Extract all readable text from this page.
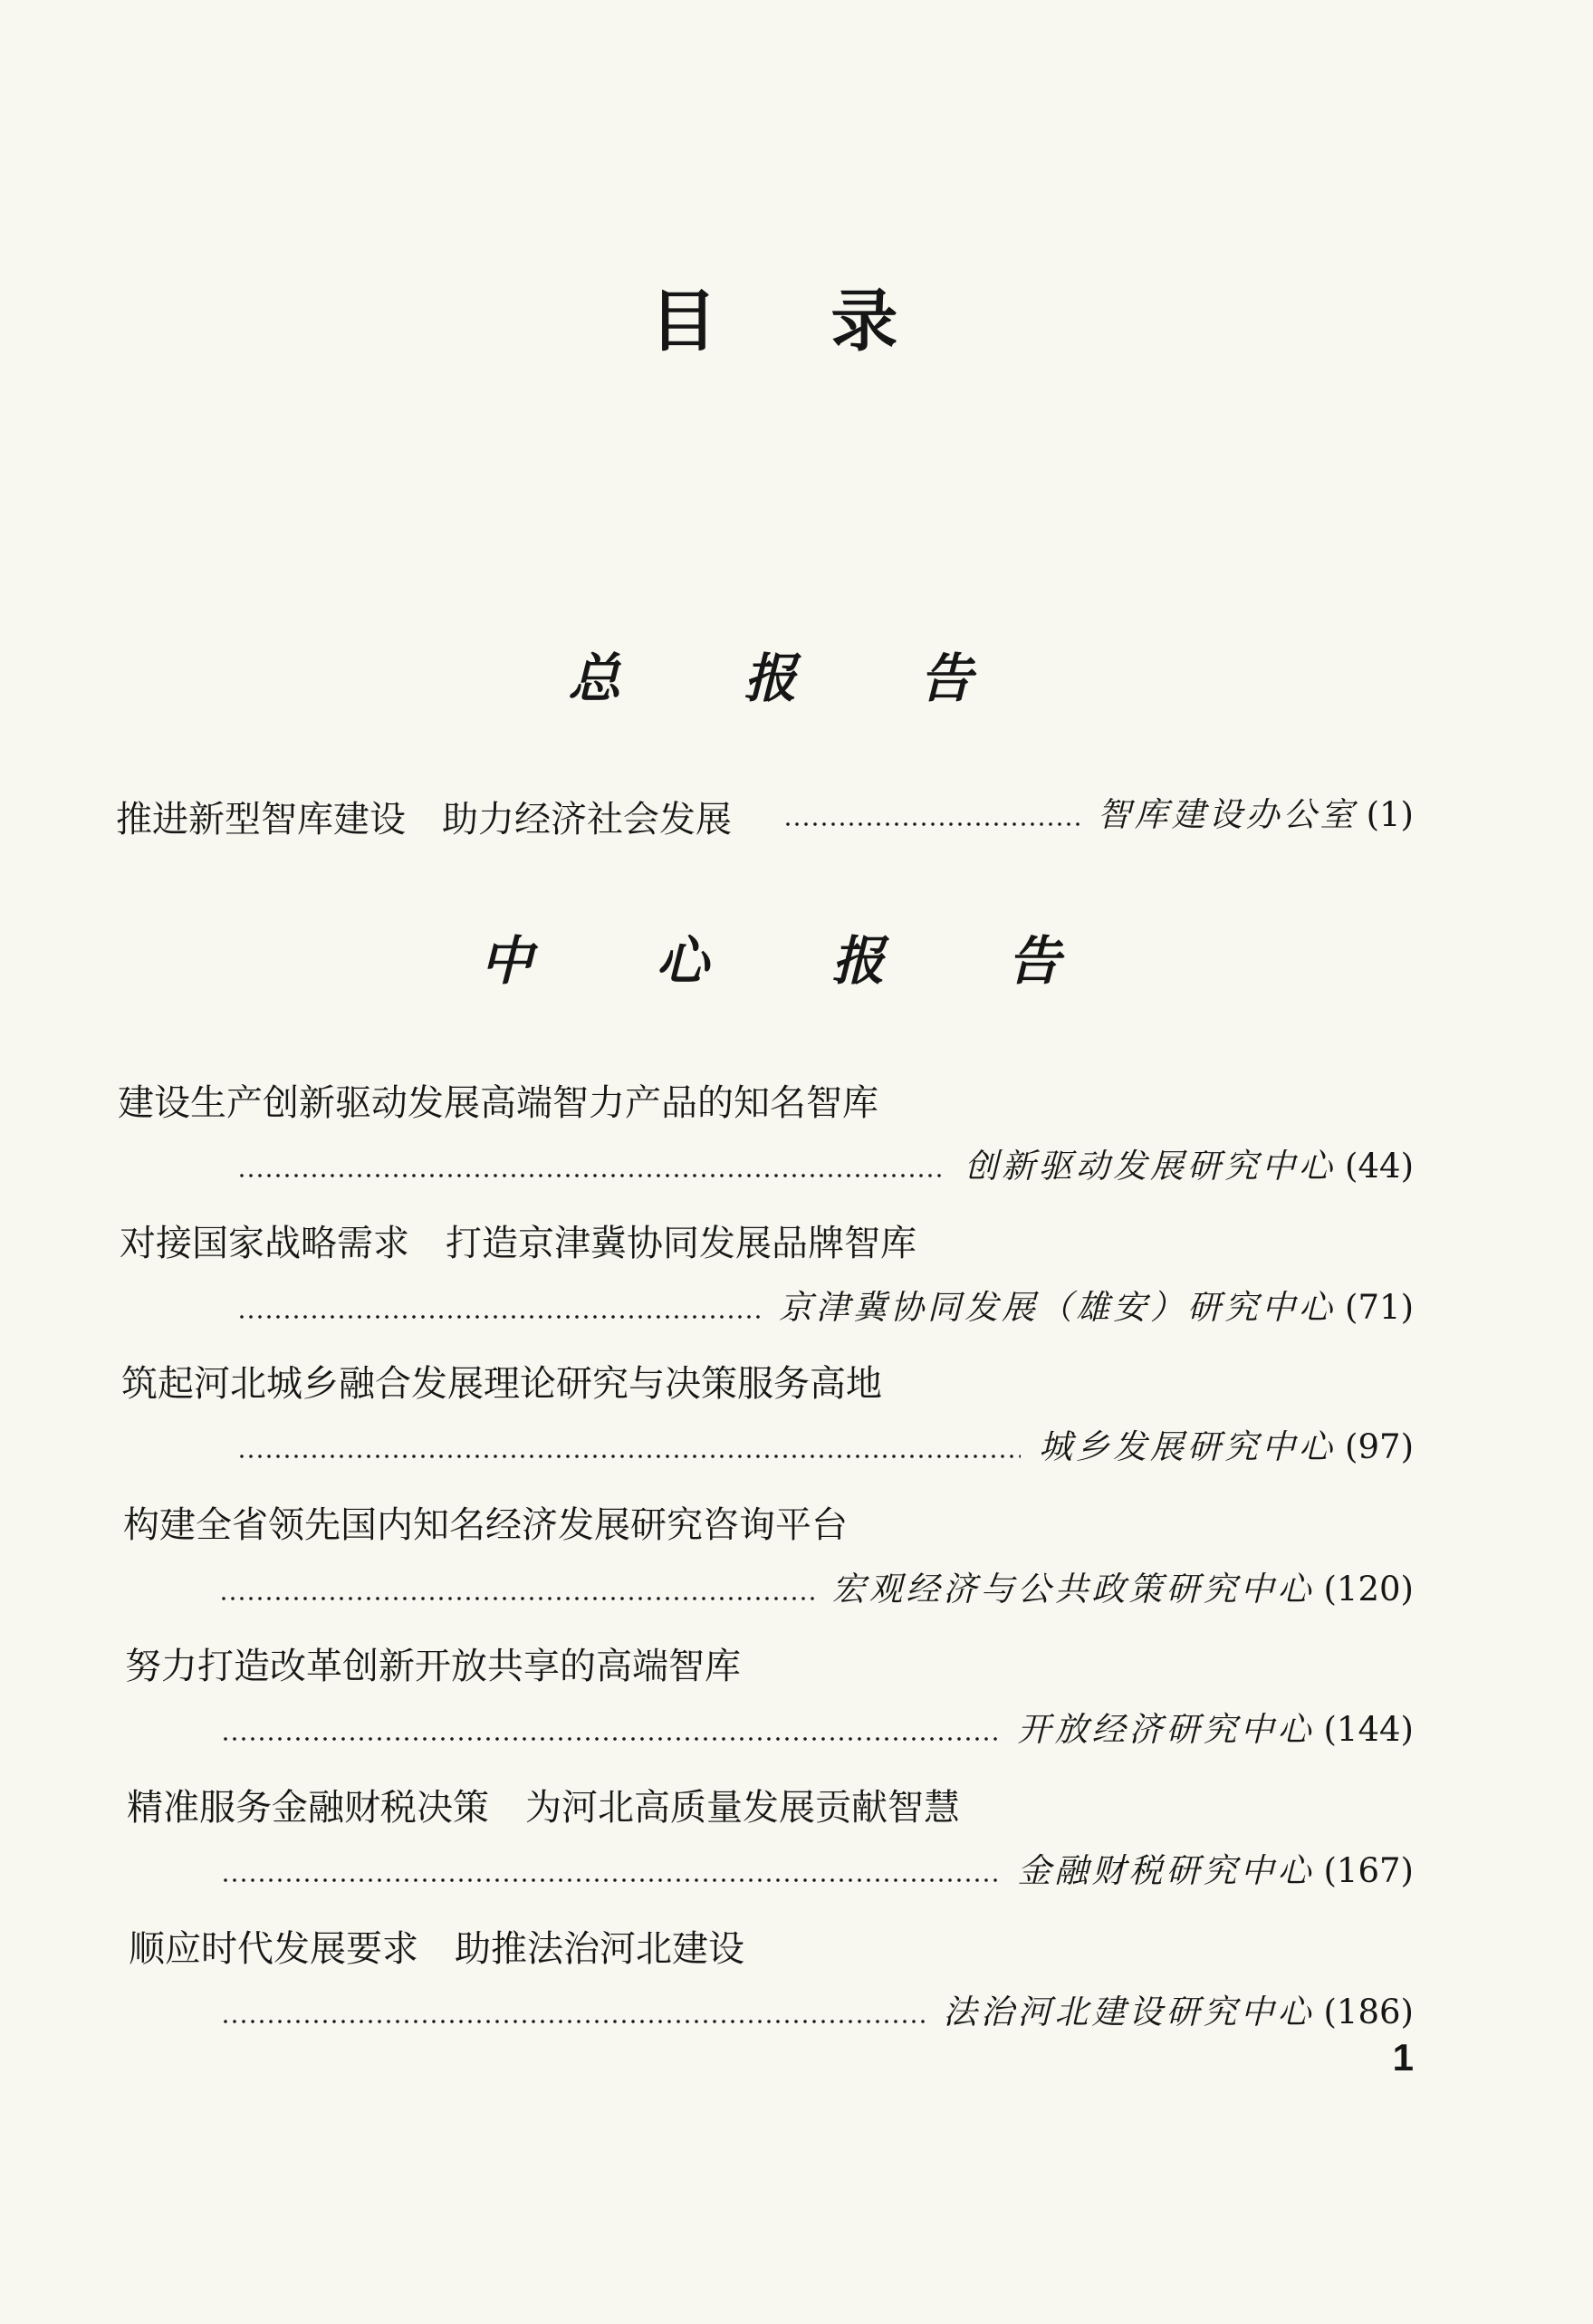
目 录
总 报 告
推进新型智库建设　助力经济社会发展	智库建设办公室 (1)
中 心 报 告
建设生产创新驱动发展高端智力产品的知名智库
创新驱动发展研究中心 (44)
对接国家战略需求　打造京津冀协同发展品牌智库
京津冀协同发展（雄安）研究中心 (71)
筑起河北城乡融合发展理论研究与决策服务高地
城乡发展研究中心 (97)
构建全省领先国内知名经济发展研究咨询平台
宏观经济与公共政策研究中心 (120)
努力打造改革创新开放共享的高端智库
开放经济研究中心 (144)
精准服务金融财税决策　为河北高质量发展贡献智慧
金融财税研究中心 (167)
顺应时代发展要求　助推法治河北建设
法治河北建设研究中心 (186)
1
